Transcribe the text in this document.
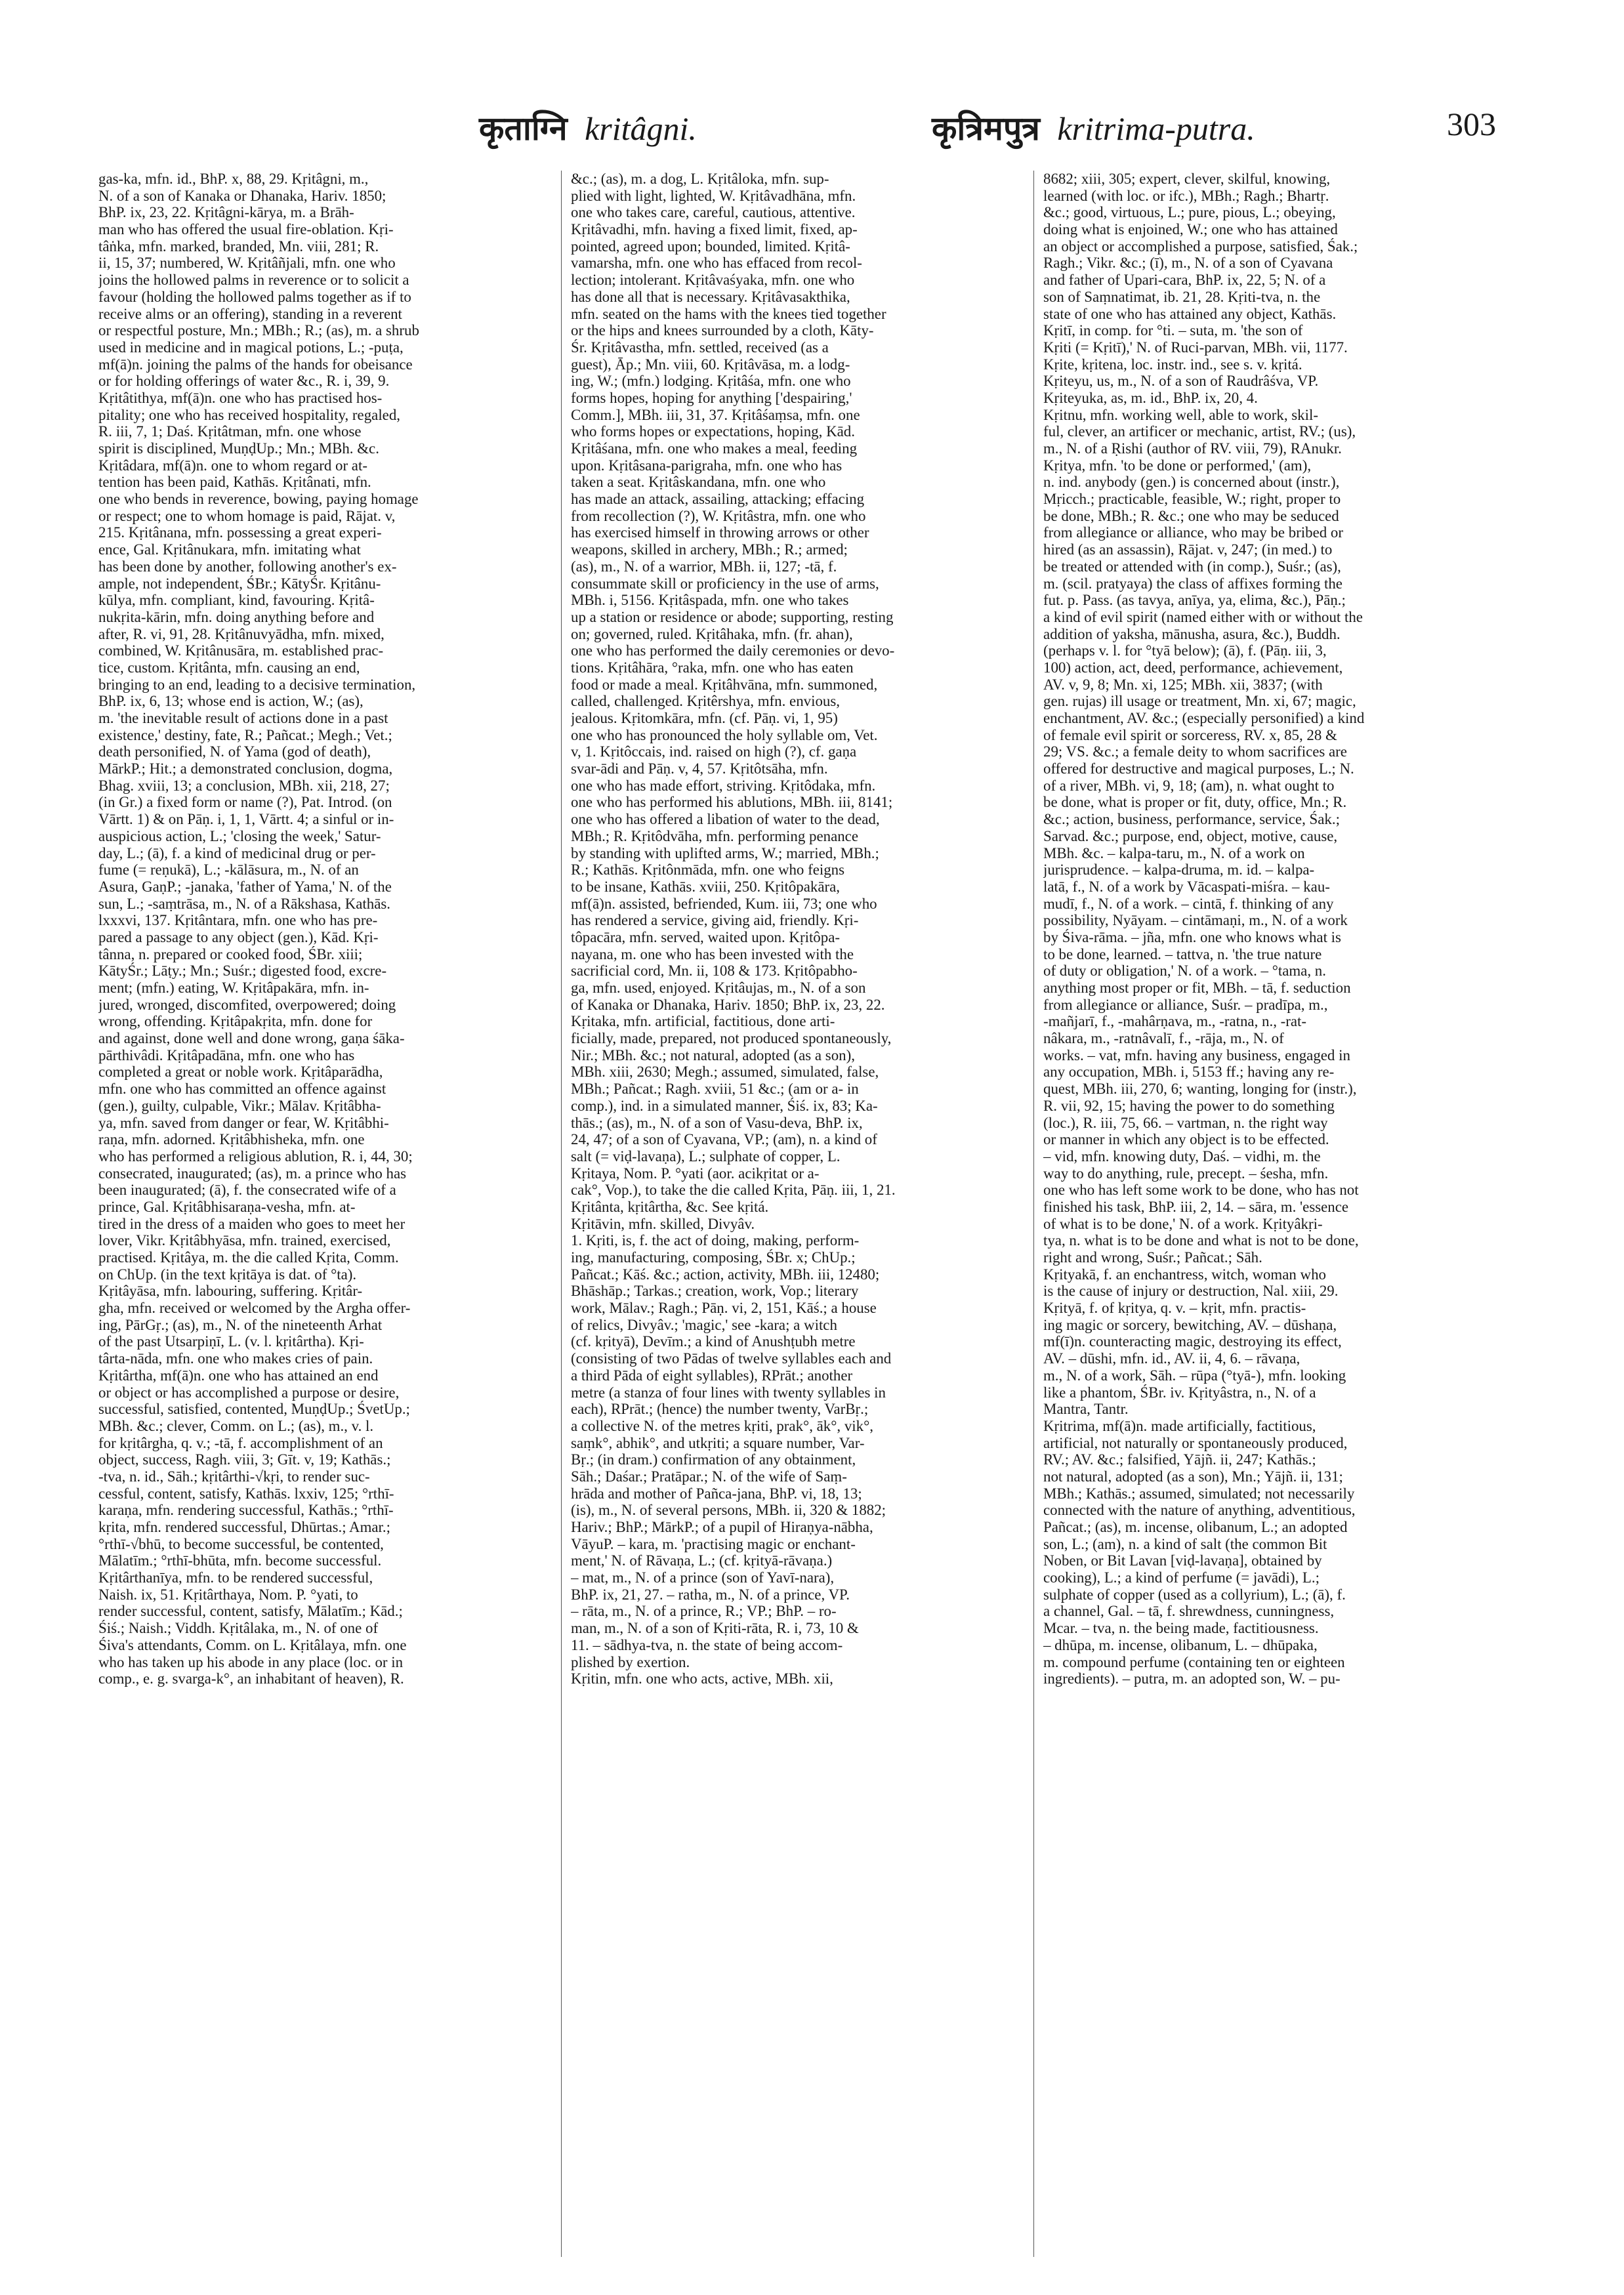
कृताग्नि kritâgni.	कृत्रिमपुत्र kritrima-putra.	303
gas-ka, mfn. id., BhP. x, 88, 29. Kṛitâgni, m.,
N. of a son of Kanaka or Dhanaka, Hariv. 1850;
BhP. ix, 23, 22. Kṛitâgni-kārya, m. a Brāh-
man who has offered the usual fire-oblation. Kṛi-
tâṅka, mfn. marked, branded, Mn. viii, 281; R.
ii, 15, 37; numbered, W. Kṛitâñjali, mfn. one who
joins the hollowed palms in reverence or to solicit a
favour (holding the hollowed palms together as if to
receive alms or an offering), standing in a reverent
or respectful posture, Mn.; MBh.; R.; (as), m. a shrub
used in medicine and in magical potions, L.; -puṭa,
mf(ā)n. joining the palms of the hands for obeisance
or for holding offerings of water &c., R. i, 39, 9.
Kṛitâtithya, mf(ā)n. one who has practised hos-
pitality; one who has received hospitality, regaled,
R. iii, 7, 1; Daś. Kṛitâtman, mfn. one whose
spirit is disciplined, MuṇḍUp.; Mn.; MBh. &c.
Kṛitâdara, mf(ā)n. one to whom regard or at-
tention has been paid, Kathās. Kṛitânati, mfn.
one who bends in reverence, bowing, paying homage
or respect; one to whom homage is paid, Rājat. v,
215. Kṛitânana, mfn. possessing a great experi-
ence, Gal. Kṛitânukara, mfn. imitating what
has been done by another, following another's ex-
ample, not independent, ŚBr.; KātyŚr. Kṛitânu-
kūlya, mfn. compliant, kind, favouring. Kṛitâ-
nukṛita-kārin, mfn. doing anything before and
after, R. vi, 91, 28. Kṛitânuvyādha, mfn. mixed,
combined, W. Kṛitânusāra, m. established prac-
tice, custom. Kṛitânta, mfn. causing an end,
bringing to an end, leading to a decisive termination,
BhP. ix, 6, 13; whose end is action, W.; (as),
m. 'the inevitable result of actions done in a past
existence,' destiny, fate, R.; Pañcat.; Megh.; Vet.;
death personified, N. of Yama (god of death),
MārkP.; Hit.; a demonstrated conclusion, dogma,
Bhag. xviii, 13; a conclusion, MBh. xii, 218, 27;
(in Gr.) a fixed form or name (?), Pat. Introd. (on
Vārtt. 1) & on Pāṇ. i, 1, 1, Vārtt. 4; a sinful or in-
auspicious action, L.; 'closing the week,' Satur-
day, L.; (ā), f. a kind of medicinal drug or per-
fume (= reṇukā), L.; -kālāsura, m., N. of an
Asura, GaṇP.; -janaka, 'father of Yama,' N. of the
sun, L.; -saṃtrāsa, m., N. of a Rākshasa, Kathās.
lxxxvi, 137. Kṛitântara, mfn. one who has pre-
pared a passage to any object (gen.), Kād. Kṛi-
tânna, n. prepared or cooked food, ŚBr. xiii;
KātyŚr.; Lāṭy.; Mn.; Suśr.; digested food, excre-
ment; (mfn.) eating, W. Kṛitâpakāra, mfn. in-
jured, wronged, discomfited, overpowered; doing
wrong, offending. Kṛitâpakṛita, mfn. done for
and against, done well and done wrong, gaṇa śāka-
pārthivâdi. Kṛitâpadāna, mfn. one who has
completed a great or noble work. Kṛitâparādha,
mfn. one who has committed an offence against
(gen.), guilty, culpable, Vikr.; Mālav. Kṛitâbha-
ya, mfn. saved from danger or fear, W. Kṛitâbhi-
raṇa, mfn. adorned. Kṛitâbhisheka, mfn. one
who has performed a religious ablution, R. i, 44, 30;
consecrated, inaugurated; (as), m. a prince who has
been inaugurated; (ā), f. the consecrated wife of a
prince, Gal. Kṛitâbhisaraṇa-vesha, mfn. at-
tired in the dress of a maiden who goes to meet her
lover, Vikr. Kṛitâbhyāsa, mfn. trained, exercised,
practised. Kṛitâya, m. the die called Kṛita, Comm.
on ChUp. (in the text kṛitāya is dat. of °ta).
Kṛitâyāsa, mfn. labouring, suffering. Kṛitâr-
gha, mfn. received or welcomed by the Argha offer-
ing, PārGṛ.; (as), m., N. of the nineteenth Arhat
of the past Utsarpiṇī, L. (v. l. kṛitârtha). Kṛi-
târta-nāda, mfn. one who makes cries of pain.
Kṛitârtha, mf(ā)n. one who has attained an end
or object or has accomplished a purpose or desire,
successful, satisfied, contented, MuṇḍUp.; ŚvetUp.;
MBh. &c.; clever, Comm. on L.; (as), m., v. l.
for kṛitârgha, q. v.; -tā, f. accomplishment of an
object, success, Ragh. viii, 3; Gīt. v, 19; Kathās.;
-tva, n. id., Sāh.; kṛitârthi-√kṛi, to render suc-
cessful, content, satisfy, Kathās. lxxiv, 125; °rthī-
karaṇa, mfn. rendering successful, Kathās.; °rthī-
kṛita, mfn. rendered successful, Dhūrtas.; Amar.;
°rthī-√bhū, to become successful, be contented,
Mālatīm.; °rthī-bhūta, mfn. become successful.
Kṛitârthanīya, mfn. to be rendered successful,
Naish. ix, 51. Kṛitârthaya, Nom. P. °yati, to
render successful, content, satisfy, Mālatīm.; Kād.;
Śiś.; Naish.; Viddh. Kṛitâlaka, m., N. of one of
Śiva's attendants, Comm. on L. Kṛitâlaya, mfn. one
who has taken up his abode in any place (loc. or in
comp., e. g. svarga-k°, an inhabitant of heaven), R.
&c.; (as), m. a dog, L. Kṛitâloka, mfn. sup-
plied with light, lighted, W. Kṛitâvadhāna, mfn.
one who takes care, careful, cautious, attentive.
Kṛitâvadhi, mfn. having a fixed limit, fixed, ap-
pointed, agreed upon; bounded, limited. Kṛitâ-
vamarsha, mfn. one who has effaced from recol-
lection; intolerant. Kṛitâvaśyaka, mfn. one who
has done all that is necessary. Kṛitâvasakthika,
mfn. seated on the hams with the knees tied together
or the hips and knees surrounded by a cloth, Kāty-
Śr. Kṛitâvastha, mfn. settled, received (as a
guest), Āp.; Mn. viii, 60. Kṛitâvāsa, m. a lodg-
ing, W.; (mfn.) lodging. Kṛitâśa, mfn. one who
forms hopes, hoping for anything ['despairing,'
Comm.], MBh. iii, 31, 37. Kṛitâśaṃsa, mfn. one
who forms hopes or expectations, hoping, Kād.
Kṛitâśana, mfn. one who makes a meal, feeding
upon. Kṛitâsana-parigraha, mfn. one who has
taken a seat. Kṛitâskandana, mfn. one who
has made an attack, assailing, attacking; effacing
from recollection (?), W. Kṛitâstra, mfn. one who
has exercised himself in throwing arrows or other
weapons, skilled in archery, MBh.; R.; armed;
(as), m., N. of a warrior, MBh. ii, 127; -tā, f.
consummate skill or proficiency in the use of arms,
MBh. i, 5156. Kṛitâspada, mfn. one who takes
up a station or residence or abode; supporting, resting
on; governed, ruled. Kṛitâhaka, mfn. (fr. ahan),
one who has performed the daily ceremonies or devo-
tions. Kṛitâhāra, °raka, mfn. one who has eaten
food or made a meal. Kṛitâhvāna, mfn. summoned,
called, challenged. Kṛitêrshya, mfn. envious,
jealous. Kṛitomkāra, mfn. (cf. Pāṇ. vi, 1, 95)
one who has pronounced the holy syllable om, Vet.
v, 1. Kṛitôccais, ind. raised on high (?), cf. gaṇa
svar-ādi and Pāṇ. v, 4, 57. Kṛitôtsāha, mfn.
one who has made effort, striving. Kṛitôdaka, mfn.
one who has performed his ablutions, MBh. iii, 8141;
one who has offered a libation of water to the dead,
MBh.; R. Kṛitôdvāha, mfn. performing penance
by standing with uplifted arms, W.; married, MBh.;
R.; Kathās. Kṛitônmāda, mfn. one who feigns
to be insane, Kathās. xviii, 250. Kṛitôpakāra,
mf(ā)n. assisted, befriended, Kum. iii, 73; one who
has rendered a service, giving aid, friendly. Kṛi-
tôpacāra, mfn. served, waited upon. Kṛitôpa-
nayana, m. one who has been invested with the
sacrificial cord, Mn. ii, 108 & 173. Kṛitôpabho-
ga, mfn. used, enjoyed. Kṛitâujas, m., N. of a son
of Kanaka or Dhanaka, Hariv. 1850; BhP. ix, 23, 22.
Kṛitaka, mfn. artificial, factitious, done arti-
ficially, made, prepared, not produced spontaneously,
Nir.; MBh. &c.; not natural, adopted (as a son),
MBh. xiii, 2630; Megh.; assumed, simulated, false,
MBh.; Pañcat.; Ragh. xviii, 51 &c.; (am or a- in
comp.), ind. in a simulated manner, Śiś. ix, 83; Ka-
thās.; (as), m., N. of a son of Vasu-deva, BhP. ix,
24, 47; of a son of Cyavana, VP.; (am), n. a kind of
salt (= viḍ-lavaṇa), L.; sulphate of copper, L.
Kṛitaya, Nom. P. °yati (aor. acikṛitat or a-
cak°, Vop.), to take the die called Kṛita, Pāṇ. iii, 1, 21.
Kṛitânta, kṛitârtha, &c. See kṛitá.
Kṛitāvin, mfn. skilled, Divyâv.
1. Kṛiti, is, f. the act of doing, making, perform-
ing, manufacturing, composing, ŚBr. x; ChUp.;
Pañcat.; Kāś. &c.; action, activity, MBh. iii, 12480;
Bhāshāp.; Tarkas.; creation, work, Vop.; literary
work, Mālav.; Ragh.; Pāṇ. vi, 2, 151, Kāś.; a house
of relics, Divyâv.; 'magic,' see -kara; a witch
(cf. kṛityā), Devīm.; a kind of Anushṭubh metre
(consisting of two Pādas of twelve syllables each and
a third Pāda of eight syllables), RPrāt.; another
metre (a stanza of four lines with twenty syllables in
each), RPrāt.; (hence) the number twenty, VarBṛ.;
a collective N. of the metres kṛiti, prak°, āk°, vik°,
saṃk°, abhik°, and utkṛiti; a square number, Var-
Bṛ.; (in dram.) confirmation of any obtainment,
Sāh.; Daśar.; Pratāpar.; N. of the wife of Saṃ-
hrāda and mother of Pañca-jana, BhP. vi, 18, 13;
(is), m., N. of several persons, MBh. ii, 320 & 1882;
Hariv.; BhP.; MārkP.; of a pupil of Hiraṇya-nābha,
VāyuP. – kara, m. 'practising magic or enchant-
ment,' N. of Rāvaṇa, L.; (cf. kṛityā-rāvaṇa.)
– mat, m., N. of a prince (son of Yavī-nara),
BhP. ix, 21, 27. – ratha, m., N. of a prince, VP.
– rāta, m., N. of a prince, R.; VP.; BhP. – ro-
man, m., N. of a son of Kṛiti-rāta, R. i, 73, 10 &
11. – sādhya-tva, n. the state of being accom-
plished by exertion.
Kṛitin, mfn. one who acts, active, MBh. xii,
8682; xiii, 305; expert, clever, skilful, knowing,
learned (with loc. or ifc.), MBh.; Ragh.; Bhartṛ.
&c.; good, virtuous, L.; pure, pious, L.; obeying,
doing what is enjoined, W.; one who has attained
an object or accomplished a purpose, satisfied, Śak.;
Ragh.; Vikr. &c.; (ī), m., N. of a son of Cyavana
and father of Upari-cara, BhP. ix, 22, 5; N. of a
son of Saṃnatimat, ib. 21, 28. Kṛiti-tva, n. the
state of one who has attained any object, Kathās.
Kṛitī, in comp. for °ti. – suta, m. 'the son of
Kṛiti (= Kṛitī),' N. of Ruci-parvan, MBh. vii, 1177.
Kṛite, kṛitena, loc. instr. ind., see s. v. kṛitá.
Kṛiteyu, us, m., N. of a son of Raudrâśva, VP.
Kṛiteyuka, as, m. id., BhP. ix, 20, 4.
Kṛitnu, mfn. working well, able to work, skil-
ful, clever, an artificer or mechanic, artist, RV.; (us),
m., N. of a Ṛishi (author of RV. viii, 79), RAnukr.
Kṛitya, mfn. 'to be done or performed,' (am),
n. ind. anybody (gen.) is concerned about (instr.),
Mṛicch.; practicable, feasible, W.; right, proper to
be done, MBh.; R. &c.; one who may be seduced
from allegiance or alliance, who may be bribed or
hired (as an assassin), Rājat. v, 247; (in med.) to
be treated or attended with (in comp.), Suśr.; (as),
m. (scil. pratyaya) the class of affixes forming the
fut. p. Pass. (as tavya, anīya, ya, elima, &c.), Pāṇ.;
a kind of evil spirit (named either with or without the
addition of yaksha, mānusha, asura, &c.), Buddh.
(perhaps v. l. for °tyā below); (ā), f. (Pāṇ. iii, 3,
100) action, act, deed, performance, achievement,
AV. v, 9, 8; Mn. xi, 125; MBh. xii, 3837; (with
gen. rujas) ill usage or treatment, Mn. xi, 67; magic,
enchantment, AV. &c.; (especially personified) a kind
of female evil spirit or sorceress, RV. x, 85, 28 &
29; VS. &c.; a female deity to whom sacrifices are
offered for destructive and magical purposes, L.; N.
of a river, MBh. vi, 9, 18; (am), n. what ought to
be done, what is proper or fit, duty, office, Mn.; R.
&c.; action, business, performance, service, Śak.;
Sarvad. &c.; purpose, end, object, motive, cause,
MBh. &c. – kalpa-taru, m., N. of a work on
jurisprudence. – kalpa-druma, m. id. – kalpa-
latā, f., N. of a work by Vācaspati-miśra. – kau-
mudī, f., N. of a work. – cintā, f. thinking of any
possibility, Nyāyam. – cintāmaṇi, m., N. of a work
by Śiva-rāma. – jña, mfn. one who knows what is
to be done, learned. – tattva, n. 'the true nature
of duty or obligation,' N. of a work. – °tama, n.
anything most proper or fit, MBh. – tā, f. seduction
from allegiance or alliance, Suśr. – pradīpa, m.,
-mañjarī, f., -mahârṇava, m., -ratna, n., -rat-
nâkara, m., -ratnâvalī, f., -rāja, m., N. of
works. – vat, mfn. having any business, engaged in
any occupation, MBh. i, 5153 ff.; having any re-
quest, MBh. iii, 270, 6; wanting, longing for (instr.),
R. vii, 92, 15; having the power to do something
(loc.), R. iii, 75, 66. – vartman, n. the right way
or manner in which any object is to be effected.
– vid, mfn. knowing duty, Daś. – vidhi, m. the
way to do anything, rule, precept. – śesha, mfn.
one who has left some work to be done, who has not
finished his task, BhP. iii, 2, 14. – sāra, m. 'essence
of what is to be done,' N. of a work. Kṛityâkṛi-
tya, n. what is to be done and what is not to be done,
right and wrong, Suśr.; Pañcat.; Sāh.
Kṛityakā, f. an enchantress, witch, woman who
is the cause of injury or destruction, Nal. xiii, 29.
Kṛityā, f. of kṛitya, q. v. – kṛit, mfn. practis-
ing magic or sorcery, bewitching, AV. – dūshaṇa,
mf(ī)n. counteracting magic, destroying its effect,
AV. – dūshi, mfn. id., AV. ii, 4, 6. – rāvaṇa,
m., N. of a work, Sāh. – rūpa (°tyā-), mfn. looking
like a phantom, ŚBr. iv. Kṛityâstra, n., N. of a
Mantra, Tantr.
Kṛitrima, mf(ā)n. made artificially, factitious,
artificial, not naturally or spontaneously produced,
RV.; AV. &c.; falsified, Yājñ. ii, 247; Kathās.;
not natural, adopted (as a son), Mn.; Yājñ. ii, 131;
MBh.; Kathās.; assumed, simulated; not necessarily
connected with the nature of anything, adventitious,
Pañcat.; (as), m. incense, olibanum, L.; an adopted
son, L.; (am), n. a kind of salt (the common Bit
Noben, or Bit Lavan [viḍ-lavaṇa], obtained by
cooking), L.; a kind of perfume (= javādi), L.;
sulphate of copper (used as a collyrium), L.; (ā), f.
a channel, Gal. – tā, f. shrewdness, cunningness,
Mcar. – tva, n. the being made, factitiousness.
– dhūpa, m. incense, olibanum, L. – dhūpaka,
m. compound perfume (containing ten or eighteen
ingredients). – putra, m. an adopted son, W. – pu-
